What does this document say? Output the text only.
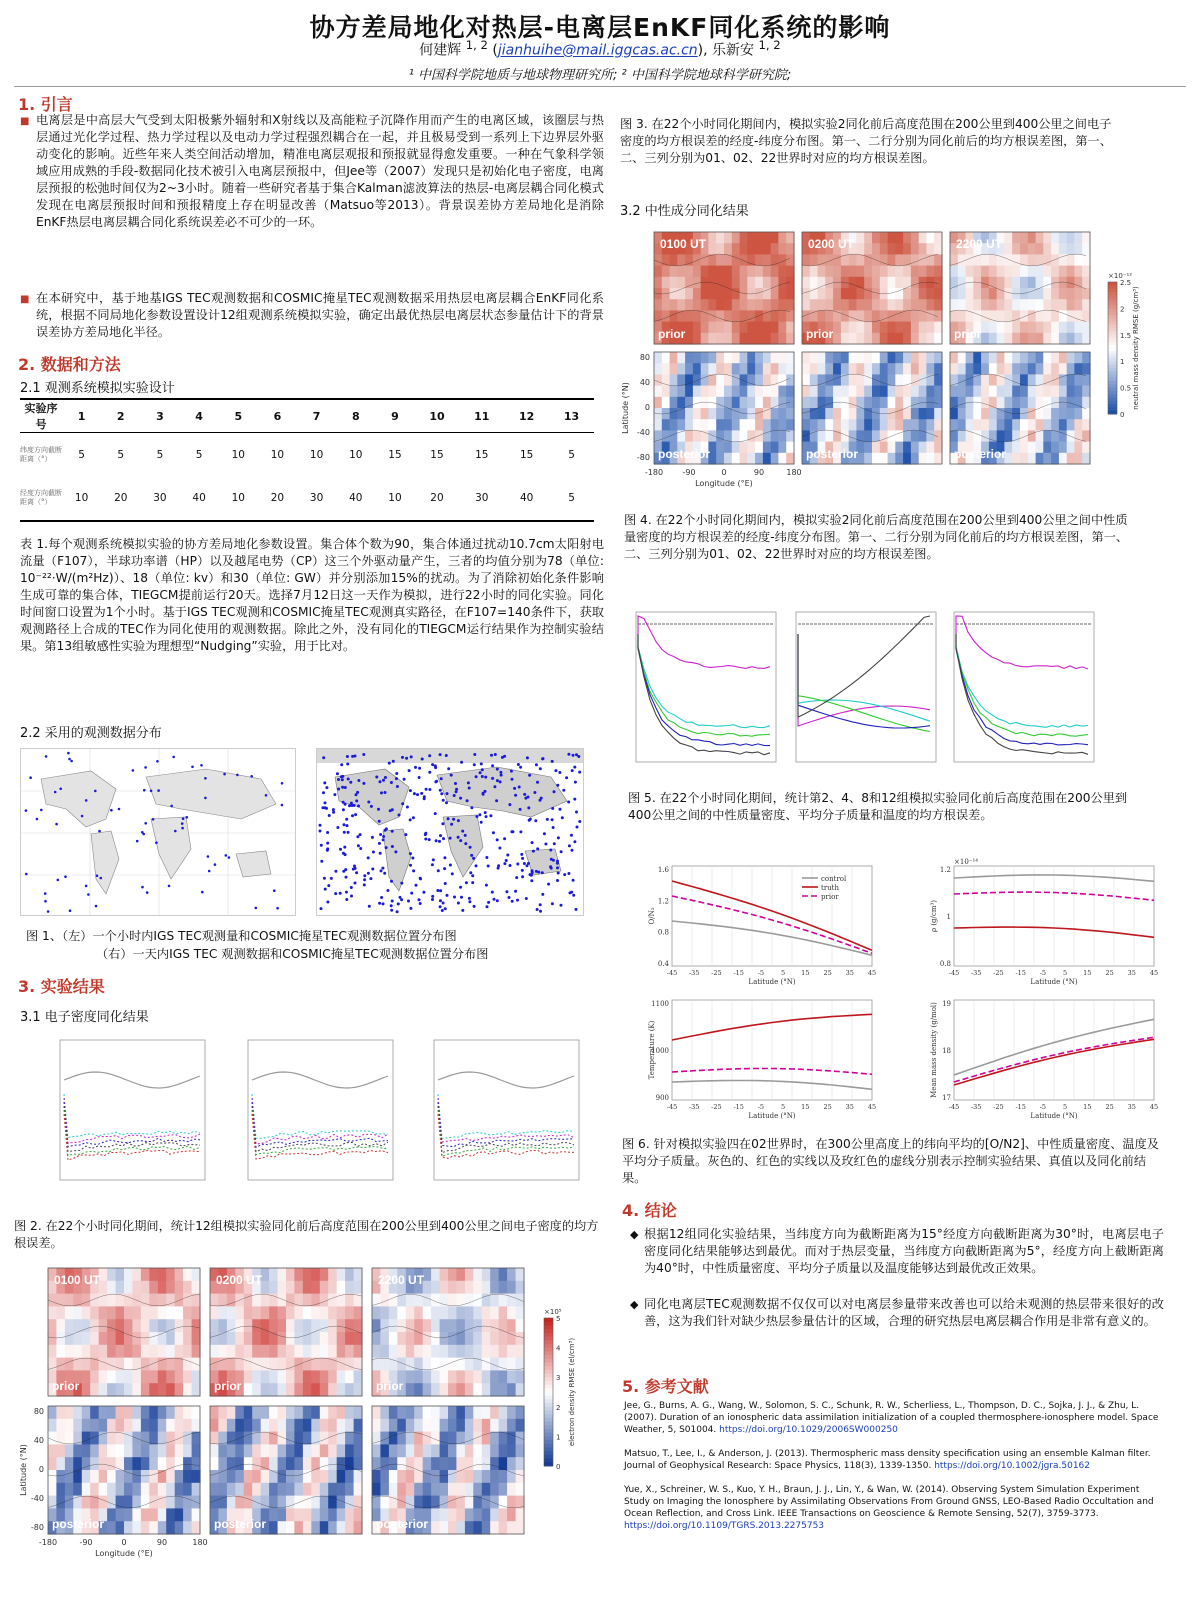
协方差局地化对热层-电离层EnKF同化系统的影响
何建辉 $^{1, 2}$ (jianhuihe@mail.iggcas.ac.cn), 乐新安 $^{1, 2}$
¹ 中国科学院地质与地球物理研究所; ² 中国科学院地球科学研究院;
1. 引言
■ 电离层是中高层大气受到太阳极紫外辐射和X射线以及高能粒子沉降作用而产生的电离区域，该圈层与热层通过光化学过程、热力学过程以及电动力学过程强烈耦合在一起，并且极易受到一系列上下边界层外驱动变化的影响。近些年来人类空间活动增加，精准电离层观报和预报就显得愈发重要。一种在气象科学领域应用成熟的手段-数据同化技术被引入电离层预报中，但Jee等（2007）发现只是初始化电子密度，电离层预报的松弛时间仅为2~3小时。随着一些研究者基于集合Kalman滤波算法的热层-电离层耦合同化模式发现在电离层预报时间和预报精度上存在明显改善（Matsuo等2013）。背景误差协方差局地化是消除EnKF热层电离层耦合同化系统误差必不可少的一环。
■ 在本研究中，基于地基IGS TEC观测数据和COSMIC掩星TEC观测数据采用热层电离层耦合EnKF同化系统，根据不同局地化参数设置设计12组观测系统模拟实验，确定出最优热层电离层状态参量估计下的背景误差协方差局地化半径。
2. 数据和方法
2.1 观测系统模拟实验设计
实验序号	1	2	3	4	5	6	7	8	9	10	11	12	13
纬度方向截断距离（°）	5	5	5	5	10	10	10	10	15	15	15	15	5
经度方向截断距离（°）	10	20	30	40	10	20	30	40	10	20	30	40	5
表 1.每个观测系统模拟实验的协方差局地化参数设置。集合体个数为90，集合体通过扰动10.7cm太阳射电流量（F107），半球功率谱（HP）以及越尾电势（CP）这三个外驱动量产生，三者的均值分别为78（单位: 10⁻²²·W/(m²Hz)）、18（单位: kv）和30（单位: GW）并分别添加15%的扰动。为了消除初始化条件影响生成可靠的集合体，TIEGCM提前运行20天。选择7月12日这一天作为模拟，进行22小时的同化实验。同化时间窗口设置为1个小时。基于IGS TEC观测和COSMIC掩星TEC观测真实路径，在F107=140条件下，获取观测路径上合成的TEC作为同化使用的观测数据。除此之外，没有同化的TIEGCM运行结果作为控制实验结果。第13组敏感性实验为理想型“Nudging”实验，用于比对。
2.2 采用的观测数据分布
图 1、（左）一个小时内IGS TEC观测量和COSMIC掩星TEC观测数据位置分布图
（右）一天内IGS TEC 观测数据和COSMIC掩星TEC观测数据位置分布图
3. 实验结果
3.1 电子密度同化结果
图 2. 在22个小时同化期间，统计12组模拟实验同化前后高度范围在200公里到400公里之间电子密度的均方根误差。
0100 UT
prior
0200 UT
prior
2200 UT
prior
posterior	posterior	posterior
80
40
0
-40
-80
Latitude (°N)
-180	-90	0	90	180
Longitude (°E)
5
4
3
2
1
0
×10⁵
electron density RMSE (el/cm³)
图 3. 在22个小时同化期间内，模拟实验2同化前后高度范围在200公里到400公里之间电子密度的均方根误差的经度-纬度分布图。第一、二行分别为同化前后的均方根误差图，第一、二、三列分别为01、02、22世界时对应的均方根误差图。
3.2 中性成分同化结果
0100 UT
prior
0200 UT
prior
2200 UT
prior
posterior	posterior	posterior
80
40
0
-40
-80
Latitude (°N)
-180 -90	0	90	180
Longitude (°E)
2.5
2
1.5
1
0.5
0
×10⁻¹²
neutral mass density RMSE (g/cm³)
图 4. 在22个小时同化期间内，模拟实验2同化前后高度范围在200公里到400公里之间中性质量密度的均方根误差的经度-纬度分布图。第一、二行分别为同化前后的均方根误差图，第一、二、三列分别为01、02、22世界时对应的均方根误差图。
图 5. 在22个小时同化期间，统计第2、4、8和12组模拟实验同化前后高度范围在200公里到400公里之间的中性质量密度、平均分子质量和温度的均方根误差。
1.6
1.2
0.8
0.4
O/N₂
-45 -35 -25 -15 -5	5 15 25 35 45
Latitude (°N)
control
truth
prior
1.2
1
0.8
ρ (g/cm³)
-45 -35 -25 -15 -5	5 15 25 35 45
Latitude (°N)
×10⁻¹⁴
1100
1000
900
Temperature (K)
-45 -35 -25 -15 -5	5 15 25 35 45
Latitude (°N)
19
18
17
Mean mass density (g/mol)
-45 -35 -25 -15 -5	5 15 25 35 45
Latitude (°N)
图 6. 针对模拟实验四在02世界时，在300公里高度上的纬向平均的[O/N2]、中性质量密度、温度及平均分子质量。灰色的、红色的实线以及玫红色的虚线分别表示控制实验结果、真值以及同化前结果。
4. 结论
◆ 根据12组同化实验结果，当纬度方向为截断距离为15°经度方向截断距离为30°时，电离层电子密度同化结果能够达到最优。而对于热层变量，当纬度方向截断距离为5°，经度方向上截断距离为40°时，中性质量密度、平均分子质量以及温度能够达到最优改正效果。
◆ 同化电离层TEC观测数据不仅仅可以对电离层参量带来改善也可以给未观测的热层带来很好的改善，这为我们针对缺少热层参量估计的区域，合理的研究热层电离层耦合作用是非常有意义的。
5. 参考文献
Jee, G., Burns, A. G., Wang, W., Solomon, S. C., Schunk, R. W., Scherliess, L., Thompson, D. C., Sojka, J. J., & Zhu, L. (2007). Duration of an ionospheric data assimilation initialization of a coupled thermosphere-ionosphere model. Space Weather, 5, S01004. https://doi.org/10.1029/2006SW000250
Matsuo, T., Lee, I., & Anderson, J. (2013). Thermospheric mass density specification using an ensemble Kalman filter. Journal of Geophysical Research: Space Physics, 118(3), 1339-1350. https://doi.org/10.1002/jgra.50162
Yue, X., Schreiner, W. S., Kuo, Y. H., Braun, J. J., Lin, Y., & Wan, W. (2014). Observing System Simulation Experiment Study on Imaging the Ionosphere by Assimilating Observations From Ground GNSS, LEO-Based Radio Occultation and Ocean Reflection, and Cross Link. IEEE Transactions on Geoscience & Remote Sensing, 52(7), 3759-3773. https://doi.org/10.1109/TGRS.2013.2275753
